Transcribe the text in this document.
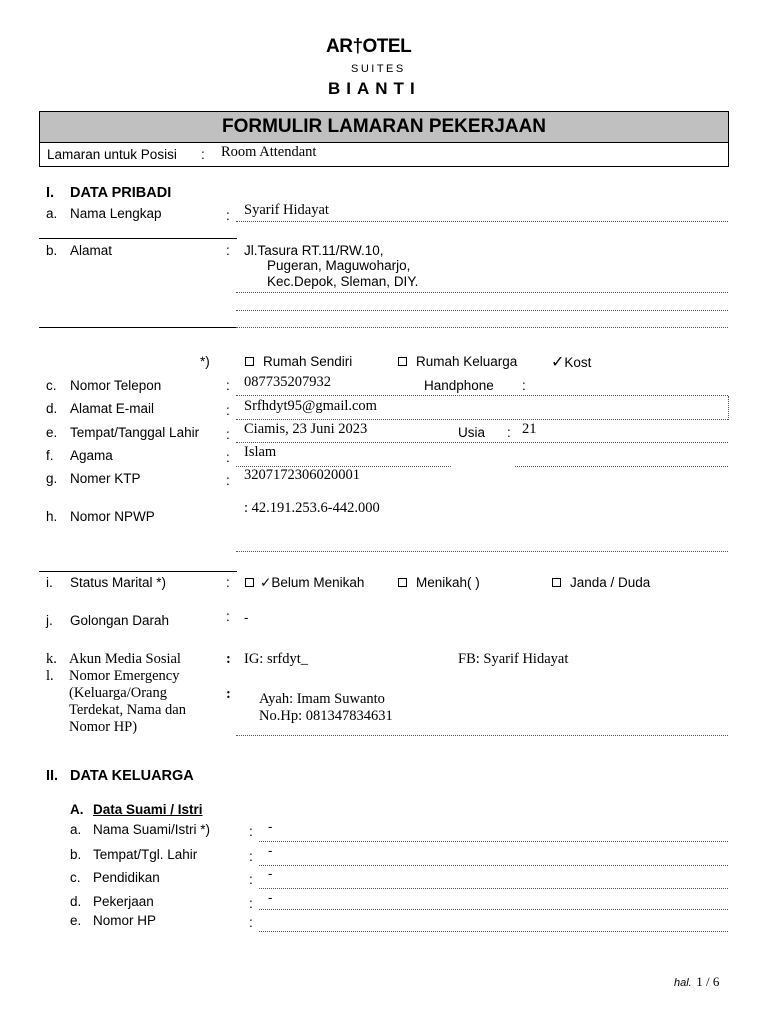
AR†OTEL
SUITES
BIANTI
FORMULIR LAMARAN PEKERJAAN
Lamaran untuk Posisi : Room Attendant
I. DATA PRIBADI
a. Nama Lengkap	: Syarif Hidayat
b. Alamat	: Jl.Tasura RT.11/RW.10,
Pugeran, Maguwoharjo,
Kec.Depok, Sleman, DIY.
*)	Rumah Sendiri	Rumah Keluarga ✓Kost
c. Nomor Telepon	: 087735207932	Handphone :
d. Alamat E-mail	: Srfhdyt95@gmail.com
e. Tempat/Tanggal Lahir : Ciamis, 23 Juni 2023	Usia : 21
f. Agama	: Islam
g. Nomer KTP	: 3207172306020001
h. Nomor NPWP
: 42.191.253.6-442.000
i. Status Marital *)	:	✓Belum Menikah	Menikah( )	Janda / Duda
j. Golongan Darah	: -
k. Akun Media Sosial	: IG: srfdyt_	FB: Syarif Hidayat
l. Nomor Emergency
(Keluarga/Orang
Terdekat, Nama dan
Nomor HP)
: Ayah: Imam Suwanto
No.Hp: 081347834631
II. DATA KELUARGA
A. Data Suami / Istri
a. Nama Suami/Istri *)	: -
b. Tempat/Tgl. Lahir	: -
c. Pendidikan	: -
d. Pekerjaan	: -
e. Nomor HP	:
hal. 1 / 6
